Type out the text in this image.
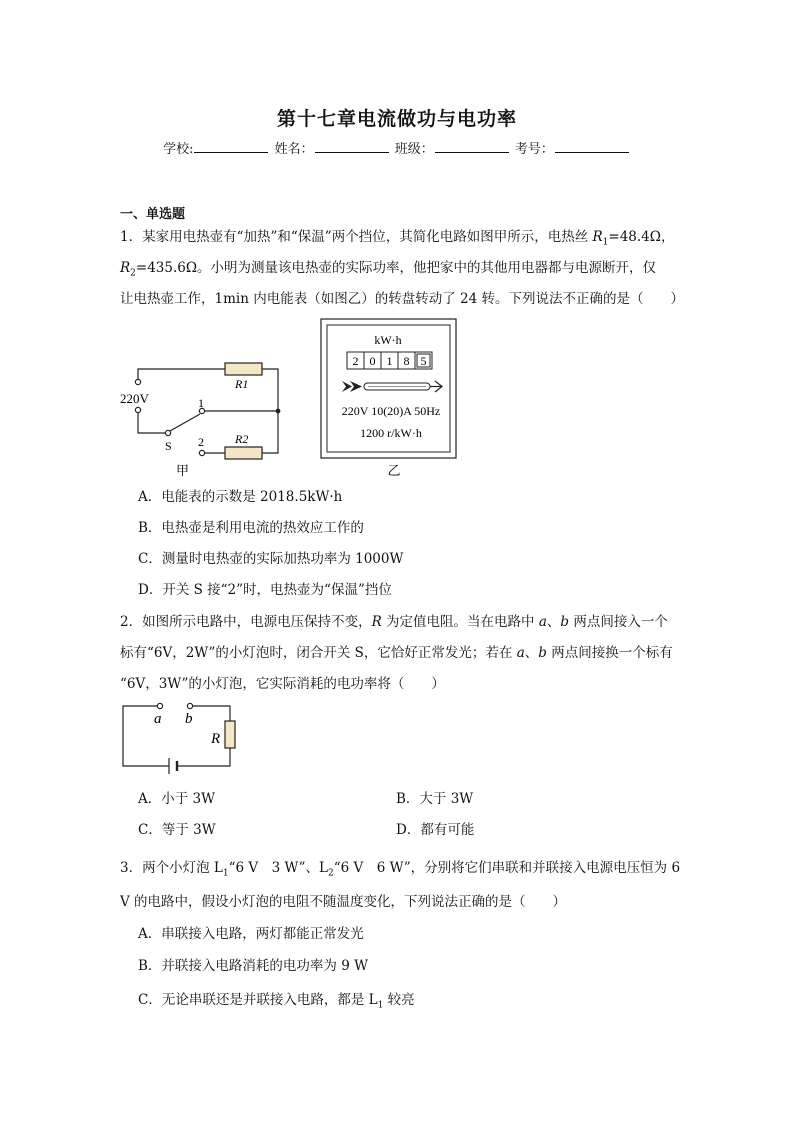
第十七章电流做功与电功率
学校:	姓名：	班级：	考号：
一、单选题
1．某家用电热壶有“加热”和“保温”两个挡位，其简化电路如图甲所示，电热丝 $R_1=48.4\Omega$，
$R_2=435.6\Omega$。小明为测量该电热壶的实际功率，他把家中的其他用电器都与电源断开，仅
让电热壶工作，1min 内电能表（如图乙）的转盘转动了 24 转。下列说法不正确的是（　　）
220V
R1
R2
1
2
S
甲
kW·h
2 0 1 8 5
220V 10(20)A 50Hz
1200 r/kW·h
乙
A．电能表的示数是 2018.5kW·h
B．电热壶是利用电流的热效应工作的
C．测量时电热壶的实际加热功率为 1000W
D．开关 S 接“2”时，电热壶为“保温”挡位
2．如图所示电路中，电源电压保持不变，R 为定值电阻。当在电路中 a、b 两点间接入一个
标有“6V，2W”的小灯泡时，闭合开关 S，它恰好正常发光；若在 a、b 两点间接换一个标有
“6V，3W”的小灯泡，它实际消耗的电功率将（　　）
a b
R
A．小于 3W	B．大于 3W
C．等于 3W	D．都有可能
3．两个小灯泡 $L_1“6$ V　3 W”、$L_2“6$ V　6 W”，分别将它们串联和并联接入电源电压恒为 6
V 的电路中，假设小灯泡的电阻不随温度变化，下列说法正确的是（　　）
A．串联接入电路，两灯都能正常发光
B．并联接入电路消耗的电功率为 9 W
C．无论串联还是并联接入电路，都是 $L_1$ 较亮
